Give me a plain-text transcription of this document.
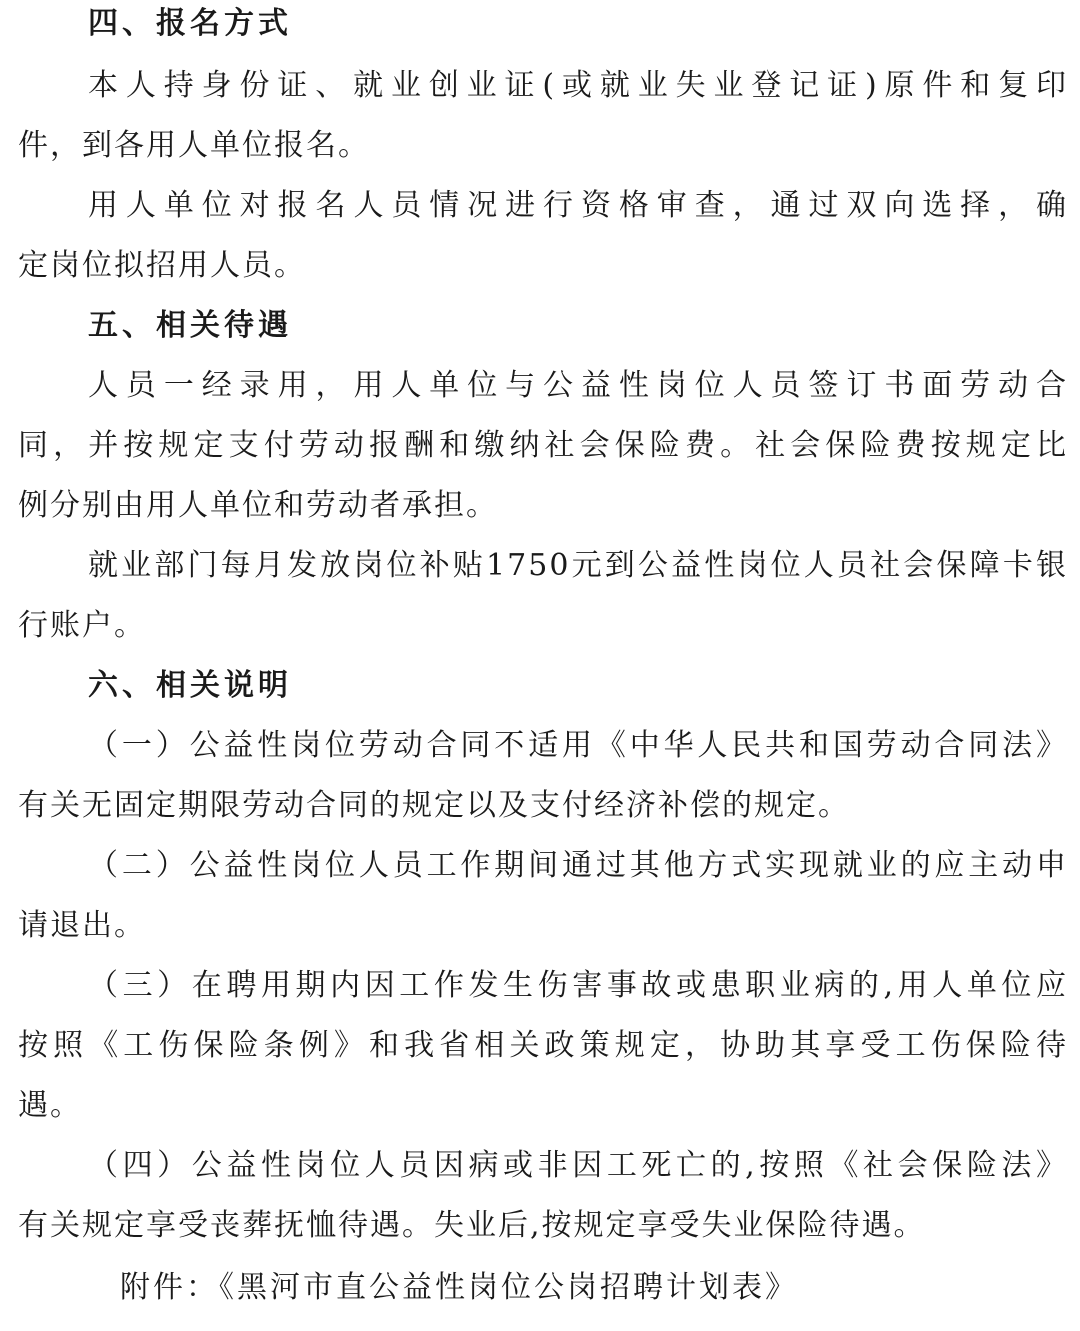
四、报名方式
本人持身份证、就业创业证(或就业失业登记证)原件和复印
件，到各用人单位报名。
用人单位对报名人员情况进行资格审查，通过双向选择，确
定岗位拟招用人员。
五、相关待遇
人员一经录用，用人单位与公益性岗位人员签订书面劳动合
同，并按规定支付劳动报酬和缴纳社会保险费。社会保险费按规定比
例分别由用人单位和劳动者承担。
就业部门每月发放岗位补贴1750元到公益性岗位人员社会保障卡银
行账户。
六、相关说明
（一）公益性岗位劳动合同不适用《中华人民共和国劳动合同法》
有关无固定期限劳动合同的规定以及支付经济补偿的规定。
（二）公益性岗位人员工作期间通过其他方式实现就业的应主动申
请退出。
（三）在聘用期内因工作发生伤害事故或患职业病的,用人单位应
按照《工伤保险条例》和我省相关政策规定，协助其享受工伤保险待
遇。
（四）公益性岗位人员因病或非因工死亡的,按照《社会保险法》
有关规定享受丧葬抚恤待遇。失业后,按规定享受失业保险待遇。
附件：《黑河市直公益性岗位公岗招聘计划表》
